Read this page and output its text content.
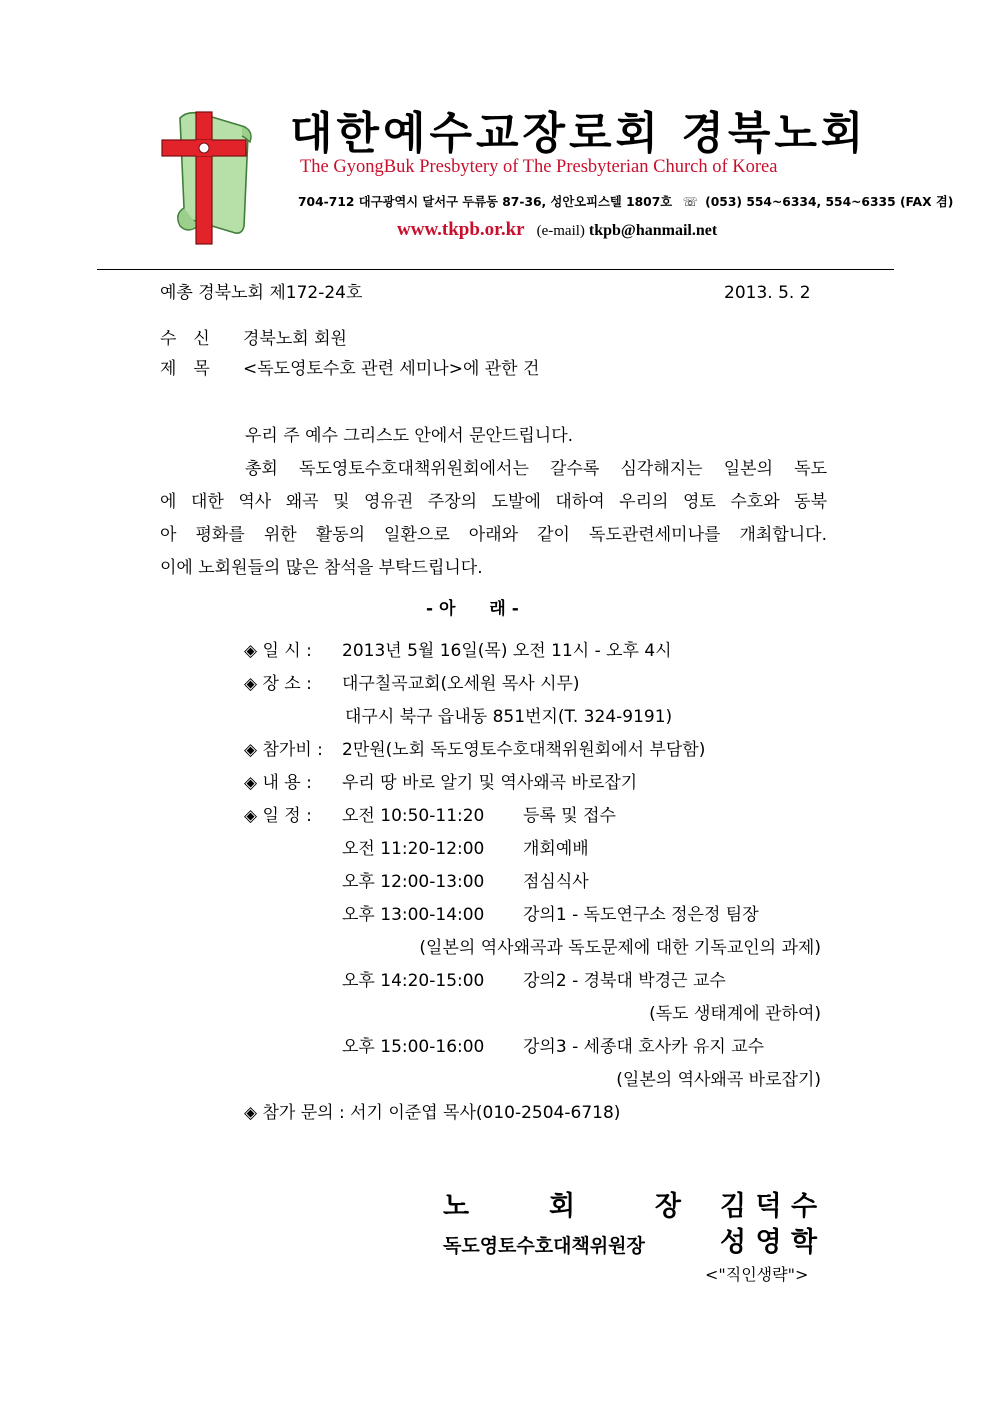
대한예수교장로회 경북노회
The GyongBuk Presbytery of The Presbyterian Church of Korea
704-712 대구광역시 달서구 두류동 87-36, 성안오피스텔 1807호 ☏ (053) 554~6334, 554~6335 (FAX 겸)
www.tkpb.or.kr (e-mail) tkpb@hanmail.net
예총 경북노회 제172-24호	2013. 5. 2
수　신 경북노회 회원
제　목 <독도영토수호 관련 세미나>에 관한 건
우리 주 예수 그리스도 안에서 문안드립니다.
총회 독도영토수호대책위원회에서는 갈수록 심각해지는 일본의 독도
에 대한 역사 왜곡 및 영유권 주장의 도발에 대하여 우리의 영토 수호와 동북
아 평화를 위한 활동의 일환으로 아래와 같이 독도관련세미나를 개최합니다.
이에 노회원들의 많은 참석을 부탁드립니다.
- 아　　래 -
◈ 일 시 : 2013년 5월 16일(목) 오전 11시 - 오후 4시
◈ 장 소 : 대구칠곡교회(오세원 목사 시무)
대구시 북구 읍내동 851번지(T. 324-9191)
◈ 참가비 : 2만원(노회 독도영토수호대책위원회에서 부담함)
◈ 내 용 : 우리 땅 바로 알기 및 역사왜곡 바로잡기
◈ 일 정 : 오전 10:50-11:20 등록 및 접수
오전 11:20-12:00 개회예배
오후 12:00-13:00 점심식사
오후 13:00-14:00 강의1 - 독도연구소 정은정 팀장
(일본의 역사왜곡과 독도문제에 대한 기독교인의 과제)
오후 14:20-15:00 강의2 - 경북대 박경근 교수
(독도 생태계에 관하여)
오후 15:00-16:00 강의3 - 세종대 호사카 유지 교수
(일본의 역사왜곡 바로잡기)
◈ 참가 문의 : 서기 이준엽 목사(010-2504-6718)
노　　회　　장 김 덕 수
독도영토수호대책위원장	성 영 학
<"직인생략">
